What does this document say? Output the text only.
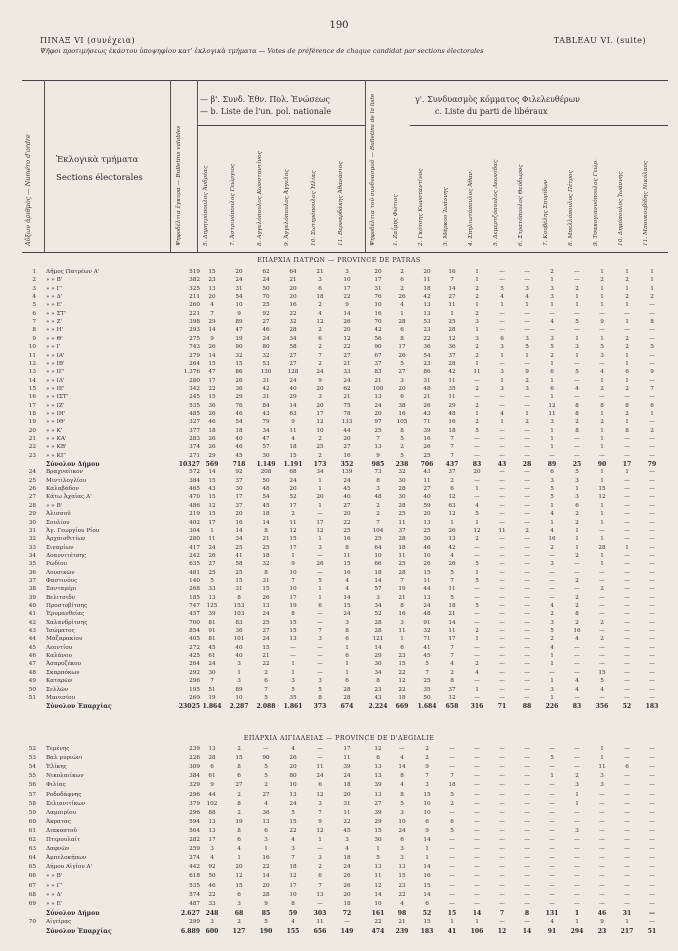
190
ΠΙΝΑΞ VI (συνέχεια)	TABLEAU VI. (suite)
Ψῆφοι προτιμήσεως ἑκάστου ὑποψηφίου κατ' ἐκλογικὰ τμήματα — Votes de préférence de chaque candidat par sections électorales
Αὔξων ἀριθμὸς — Numéro d'ordre	Ἐκλογικὰ τμήματα
Sections électorales	Ψηφοδέλτια ἔγκυρα — Bulletins valables
— β'. Συνδ. Ἐθν. Πολ. Ἑνώσεως
— b. Liste de l'un. pol. nationale
γ'. Συνδυασμὸς κόμματος Φιλελευθέρων
c. Liste du parti de libéraux
5. Δημητρόπουλος Ἀνδρέας	7. Ἀστρινόπουλος Γεώργιος	8. Αγγελόπουλος Κωνσταντῖνος	9. Ἀγγελόπουλος Ἀγγελος	10. Σωτηρόπουλος Ἠλίας	11. Βερναρδάκης Ἀθανάσιος	Ψηφοδέλτια τοῦ συνδυασμοῦ — Bulletins de la liste	1. Ζαΐμης Φώτιος	2. Γκότσης Κωνσταντῖνος	3. Μάρκου Ἰωάννης	4. Σπηλιωτόπουλος Ἀθαν.	5. Δεμερτζόπουλος Λεωνίδας	6. Στρατόπουλος Θεόδωρος	7. Κουβέλης Σπυρίδων	8. Μπελλόπουλος Πέτρος	9. Τσακογιαννόπουλος Γεώρ.	10. Δημόπουλος Ἰωάννης	11. Μπουκουβίδης Νικόλαος
ΕΠΑΡΧΙΑ ΠΑΤΡΩΝ — PROVINCE DE PATRAS
1 Δῆμος Πατρέων Α'	519	15	20	62	64	21	3	20	2	20	16	1	—	—	2	—	1	1	1
2 » » Β'	382	23	24	24	21	3	10	17	6	11	7	1	—	—	1	—	2	2	1
3 » » Γ'	325	13	31	50	20	6	17	31	2	18	14	2	5	3	3	2	1	1	1
4 » » Δ'	211	20	54	70	20	18	22	76	26	42	27	2	4	4	3	1	1	2	2
5 » » Ε'	260	4	10	25	16	2	9	10	4	13	11	1	1	1	1	1	1	1	—
6 » » ΣΤ'	221	7	9	92	22	4	14	16	1	13	1	2	—	—	—	—	—	—	—
7 » » Ζ'	398	29	89	27	32	12	26	70	28	53	25	3	—	—	4	5	9	1	8
8 » » Η'	293	14	47	46	28	2	20	42	6	23	28	1	—	—	—	—	—	—	—
9 » » Θ'	275	9	19	24	34	6	12	56	8	22	12	3	6	3	3	1	1	2	—
10 » » Ι'	743	26	90	80	58	2	22	90	17	36	36	2	3	5	5	3	5	2	5
11 » » ΙΑ'	279	14	32	32	27	7	27	67	26	54	37	2	1	1	2	1	3	1	—
12 » » ΙΒ'	264	15	15	53	27	2	21	37	5	23	28	1	—	—	1	—	—	1	—
13 » » ΙΓ'	1.376	47	86	130	128	24	33	83	27	86	42	11	3	9	6	5	4	6	9
14 » » ΙΔ'	280	17	26	31	24	9	24	21	3	31	11	—	1	2	1	—	1	1	—
15 » » ΙΕ'	342	22	36	42	40	20	62	100	20	48	35	2	3	3	6	4	2	2	7
16 » » ΙΣΤ'	245	15	29	31	29	3	21	13	6	21	11	—	—	—	1	—	—	—	—
17 » » ΙΖ'	535	36	76	84	14	20	75	24	38	26	29	2	—	—	12	8	8	8	6
18 » » ΙΗ'	485	26	46	43	63	17	78	20	16	43	48	1	4	1	11	8	1	2	1
19 » » ΙΘ'	327	46	54	79	9	12	133	97	105	71	16	2	1	2	3	2	2	1	—
20 » » Κ'	377	18	18	34	11	10	44	25	8	39	18	5	—	—	1	8	1	8	2
21 » » ΚΑ'	283	26	40	47	4	2	20	7	5	16	7	—	—	—	1	—	1	—	—
22 » » ΚΒ'	374	26	46	57	18	25	27	13	2	26	7	—	—	—	1	—	1	—	—
23 » » ΚΓ'	271	29	45	30	15	2	16	9	5	25	7	—	—	—	—	—	—	—	—
Σύνολον Δήμου	10327 569	718	1.149	1.191	173	352	985	238	706	437	83	43	28	89	25	90	17	79
24 Βραχναίικον	572	14	92	208	68	34	139	73	32	43	37	20	—	—	6	5	1	1	—
25 Μιντιλογλίου	384	15	37	50	24	1	24	8	30	11	2	—	—	—	3	3	1	—	—
26 Καλαβάδον	465	43	30	48	20	1	45	3	28	27	6	1	—	—	5	1	15	—	—
27 Κάτω Ἀχαΐας Α'	470	15	17	54	52	20	40	48	30	40	12	—	—	—	5	3	12	—	—
28 » » Β'	486	12	37	45	17	1	27	2	28	59	63	4	—	—	1	6	1	—	—
29 Ἀλισσοῦ	219	15	20	18	2	—	20	2	25	20	12	5	—	—	4	2	1	—	—
30 Σουλίου	402	17	16	14	11	17	22	7	11	13	1	1	—	—	1	2	1	—	—
31 Ἁγ. Γεωργίου Ρίου	304	1	14	8	12	12	25	104	37	25	26	12	11	2	4	1	—	—	—
32 Ἀρχαιοθιτίων	280	11	34	21	15	1	16	25	28	30	13	2	—	—	16	1	1	—	—
33 Σιναμίων	417	24	25	25	17	3	8	64	18	46	42	—	—	—	2	1	28	1	—
34 Δοαννιτέτσης	242	26	41	18	1	—	11	10	11	10	4	—	—	—	—	2	1	—	—
35 Ρωδίου	635	27	58	32	9	26	15	66	25	26	26	5	—	—	3	—	1	—	—
36 Λουσικῶν	481	25	25	8	10	—	16	18	28	15	5	1	—	—	—	—	—	—	—
37 Φαστινόυς	140	5	15	31	7	5	4	14	7	11	7	5	—	—	—	2	—	—	—
38 Σανταμέρι	268	33	31	15	10	1	4	57	19	44	11	—	—	—	—	—	2	—	—
39 Βελιτσιδν	185	13	8	26	17	1	14	3	21	13	5	—	—	—	—	2	—	—	—
40 Προστοβίτσης	747	125	153	13	19	6	15	34	8	24	18	5	—	—	4	2	—	—	—
41 Ἐρυμανθείας	457	39	103	24	8	—	24	52	16	48	21	—	—	—	2	8	—	—	—
42 Χαλανδρίτσης	700	81	83	25	15	—	3	28	3	91	14	—	—	—	3	2	2	—	—
43 Ἰσώματος	854	91	36	27	15	7	8	28	11	32	11	2	—	—	5	16	—	—	—
44 Μαζαρακίου	405	81	101	24	13	3	6	121	1	71	17	1	—	—	2	4	2	—	—
45 Λεοντίου	272	45	40	15	—	—	1	14	6	41	7	—	—	—	4	—	—	—	—
46 Καλάνου	425	61	40	21	—	—	6	29	23	45	7	—	—	—	1	—	—	—	—
47 Ἀσπροζέκου	264	24	3	22	1	—	1	30	15	5	4	2	—	—	1	—	—	—	—
48 Σκαρπόκων	292	30	1	2	1	—	1	34	22	7	2	4	—	—	—	—	15	—	—
49 Καταρῶν	296	7	3	6	3	3	6	8	12	25	8	—	—	—	1	4	5	—	—
50 Σελλῶν	195	51	89	7	5	5	28	23	22	35	37	1	—	—	3	4	4	—	—
51 Μανεσίου	269	19	10	5	35	8	28	43	18	50	12	—	—	—	1	—	—	—	—
Σύνολον Ἐπαρχίας	23025 1.864	2.287	2.088	1.861	373	674	2.224	669	1.684	658	316	71	88	226	83	356	52	183
ΕΠΑΡΧΙΑ ΑΙΓΙΑΛΕΙΑΣ — PROVINCE DE D'AEGIALIE
52 Τεμένης	239	13	2	—	4	—	17	12	—	2	—	—	—	—	—	—	1	—	—
53 Βαλ μυριώνι	226	28	15	90	26	—	11	6	4	2	—	—	—	—	5	—	1	—	—
54 Ἐλίκης	309	6	8	5	20	11	39	13	14	9	—	—	—	—	—	—	11	6	—
55 Νικολαιίκων	384	61	6	5	80	24	24	13	8	7	7	—	—	—	1	2	3	—	—
56 Φιλίας	329	9	27	2	10	6	18	39	4	3	18	—	—	—	—	3	3	—	—
57 Ροδοδάφνης	296	44	2	27	13	12	20	13	8	15	5	—	—	—	—	1	—	—	—
58 Σελιανιτίκων	379	102	8	4	24	3	31	27	5	10	2	—	—	—	—	1	—	—	—
59 Λαμπιρίου	296	88	2	36	5	7	11	39	3	10	—	—	—	—	—	—	—	—	—
60 Ἀκρατας	594	13	19	13	15	9	22	29	10	6	6	—	—	—	—	—	—	—	—
61 Διακοπτοῦ	564	13	8	6	22	12	45	15	24	9	5	—	—	—	—	3	—	—	—
62 Πτερουλαίτ	282	17	6	3	4	1	3	30	6	14	—	—	—	—	—	—	—	—	—
63 Δαφνῶν	259	3	4	1	3	—	4	1	3	1	—	—	—	—	—	—	—	—	—
64 Ἀμπελοκήπων	274	4	1	16	7	3	18	5	3	1	—	—	—	—	—	—	—	—	—
65 Δήμου Αἰγίου Α'	442	92	20	22	18	2	24	13	13	14	—	—	—	—	—	—	—	—	—
66 » » Β'	618	50	12	14	12	6	26	11	15	16	—	—	—	—	—	—	—	—	—
67 » » Γ'	535	46	15	20	17	7	26	12	23	15	—	—	—	—	—	—	—	—	—
68 » » Δ'	574	22	6	28	10	13	20	14	22	14	—	—	—	—	—	—	—	—	—
69 » » Ε'	487	33	3	9	8	—	18	10	4	6	—	—	—	—	—	—	—	—	—
Σύνολον Δήμου	2.627 248	68	85	59	303	72	161	98	52	15	14	7	8	131	1	46	31	—
70 Αἰγείρας	299	3	2	5	4	11	—	22	21	15	1	1	—	—	4	1	9	1	—
Σύνολον Ἐπαρχίας	6.889 600	127	190	155	656	149	474	239	183	41	106	12	14	91	294	23	217	51
